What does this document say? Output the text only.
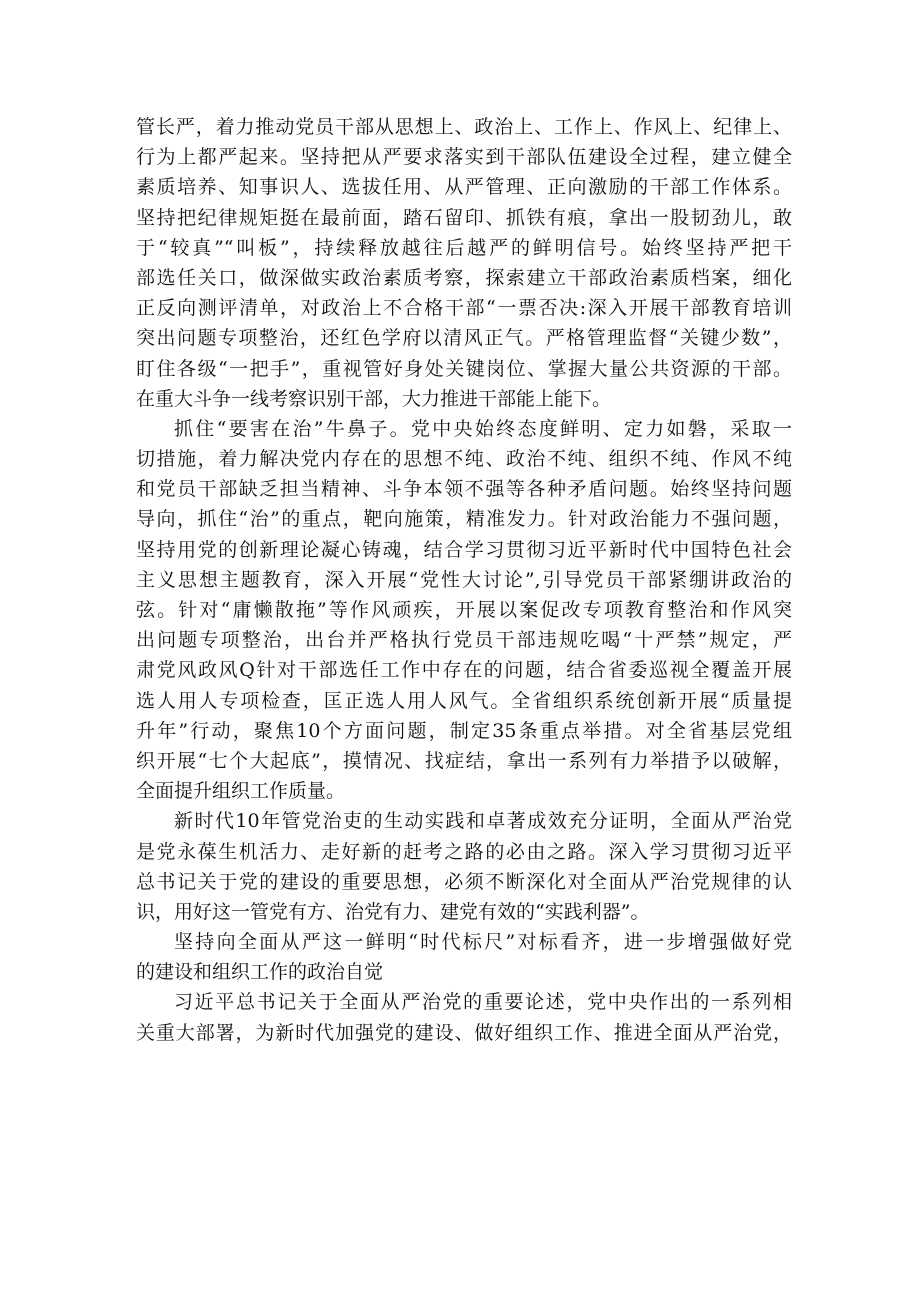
管长严，着力推动党员干部从思想上、政治上、工作上、作风上、纪律上、
行为上都严起来。坚持把从严要求落实到干部队伍建设全过程，建立健全
素质培养、知事识人、选拔任用、从严管理、正向激励的干部工作体系。
坚持把纪律规矩挺在最前面，踏石留印、抓铁有痕，拿出一股韧劲儿，敢
于“较真”“叫板”，持续释放越往后越严的鲜明信号。始终坚持严把干
部选任关口，做深做实政治素质考察，探索建立干部政治素质档案，细化
正反向测评清单，对政治上不合格干部“一票否决:深入开展干部教育培训
突出问题专项整治，还红色学府以清风正气。严格管理监督“关键少数”，
盯住各级“一把手”，重视管好身处关键岗位、掌握大量公共资源的干部。
在重大斗争一线考察识别干部，大力推进干部能上能下。
抓住“要害在治”牛鼻子。党中央始终态度鲜明、定力如磐，采取一
切措施，着力解决党内存在的思想不纯、政治不纯、组织不纯、作风不纯
和党员干部缺乏担当精神、斗争本领不强等各种矛盾问题。始终坚持问题
导向，抓住“治”的重点，靶向施策，精准发力。针对政治能力不强问题，
坚持用党的创新理论凝心铸魂，结合学习贯彻习近平新时代中国特色社会
主义思想主题教育，深入开展“党性大讨论”,引导党员干部紧绷讲政治的
弦。针对“庸懒散拖”等作风顽疾，开展以案促改专项教育整治和作风突
出问题专项整治，出台并严格执行党员干部违规吃喝“十严禁”规定，严
肃党风政风Q针对干部选任工作中存在的问题，结合省委巡视全覆盖开展
选人用人专项检查，匡正选人用人风气。全省组织系统创新开展“质量提
升年”行动，聚焦10个方面问题，制定35条重点举措。对全省基层党组
织开展“七个大起底”，摸情况、找症结，拿出一系列有力举措予以破解，
全面提升组织工作质量。
新时代10年管党治吏的生动实践和卓著成效充分证明，全面从严治党
是党永葆生机活力、走好新的赶考之路的必由之路。深入学习贯彻习近平
总书记关于党的建设的重要思想，必须不断深化对全面从严治党规律的认
识，用好这一管党有方、治党有力、建党有效的“实践利器”。
坚持向全面从严这一鲜明“时代标尺”对标看齐，进一步增强做好党
的建设和组织工作的政治自觉
习近平总书记关于全面从严治党的重要论述，党中央作出的一系列相
关重大部署，为新时代加强党的建设、做好组织工作、推进全面从严治党，
